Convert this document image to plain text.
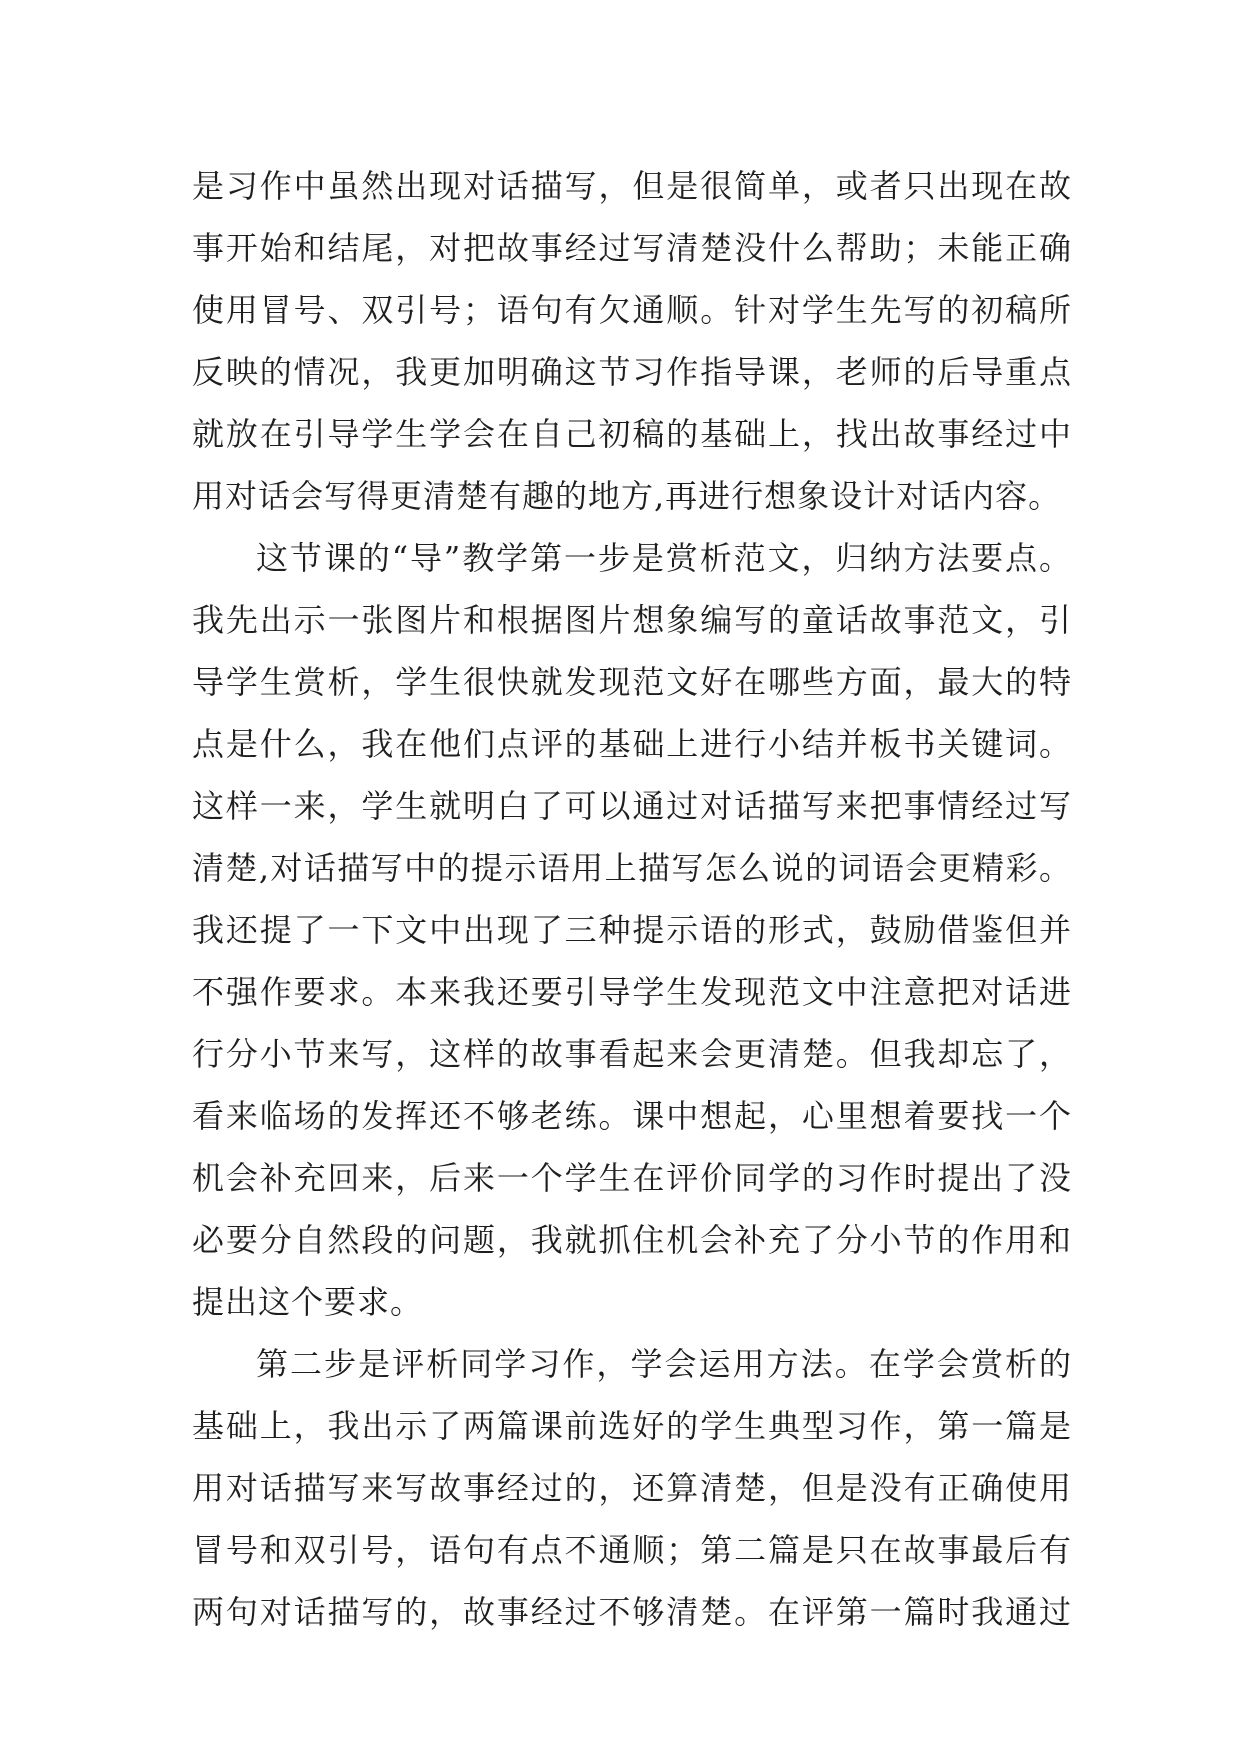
是习作中虽然出现对话描写，但是很简单，或者只出现在故
事开始和结尾，对把故事经过写清楚没什么帮助；未能正确
使用冒号、双引号；语句有欠通顺。针对学生先写的初稿所
反映的情况，我更加明确这节习作指导课，老师的后导重点
就放在引导学生学会在自己初稿的基础上，找出故事经过中
用对话会写得更清楚有趣的地方,再进行想象设计对话内容。
这节课的“导”教学第一步是赏析范文，归纳方法要点。
我先出示一张图片和根据图片想象编写的童话故事范文，引
导学生赏析，学生很快就发现范文好在哪些方面，最大的特
点是什么，我在他们点评的基础上进行小结并板书关键词。
这样一来，学生就明白了可以通过对话描写来把事情经过写
清楚,对话描写中的提示语用上描写怎么说的词语会更精彩。
我还提了一下文中出现了三种提示语的形式，鼓励借鉴但并
不强作要求。本来我还要引导学生发现范文中注意把对话进
行分小节来写，这样的故事看起来会更清楚。但我却忘了，
看来临场的发挥还不够老练。课中想起，心里想着要找一个
机会补充回来，后来一个学生在评价同学的习作时提出了没
必要分自然段的问题，我就抓住机会补充了分小节的作用和
提出这个要求。
第二步是评析同学习作，学会运用方法。在学会赏析的
基础上，我出示了两篇课前选好的学生典型习作，第一篇是
用对话描写来写故事经过的，还算清楚，但是没有正确使用
冒号和双引号，语句有点不通顺；第二篇是只在故事最后有
两句对话描写的，故事经过不够清楚。在评第一篇时我通过
